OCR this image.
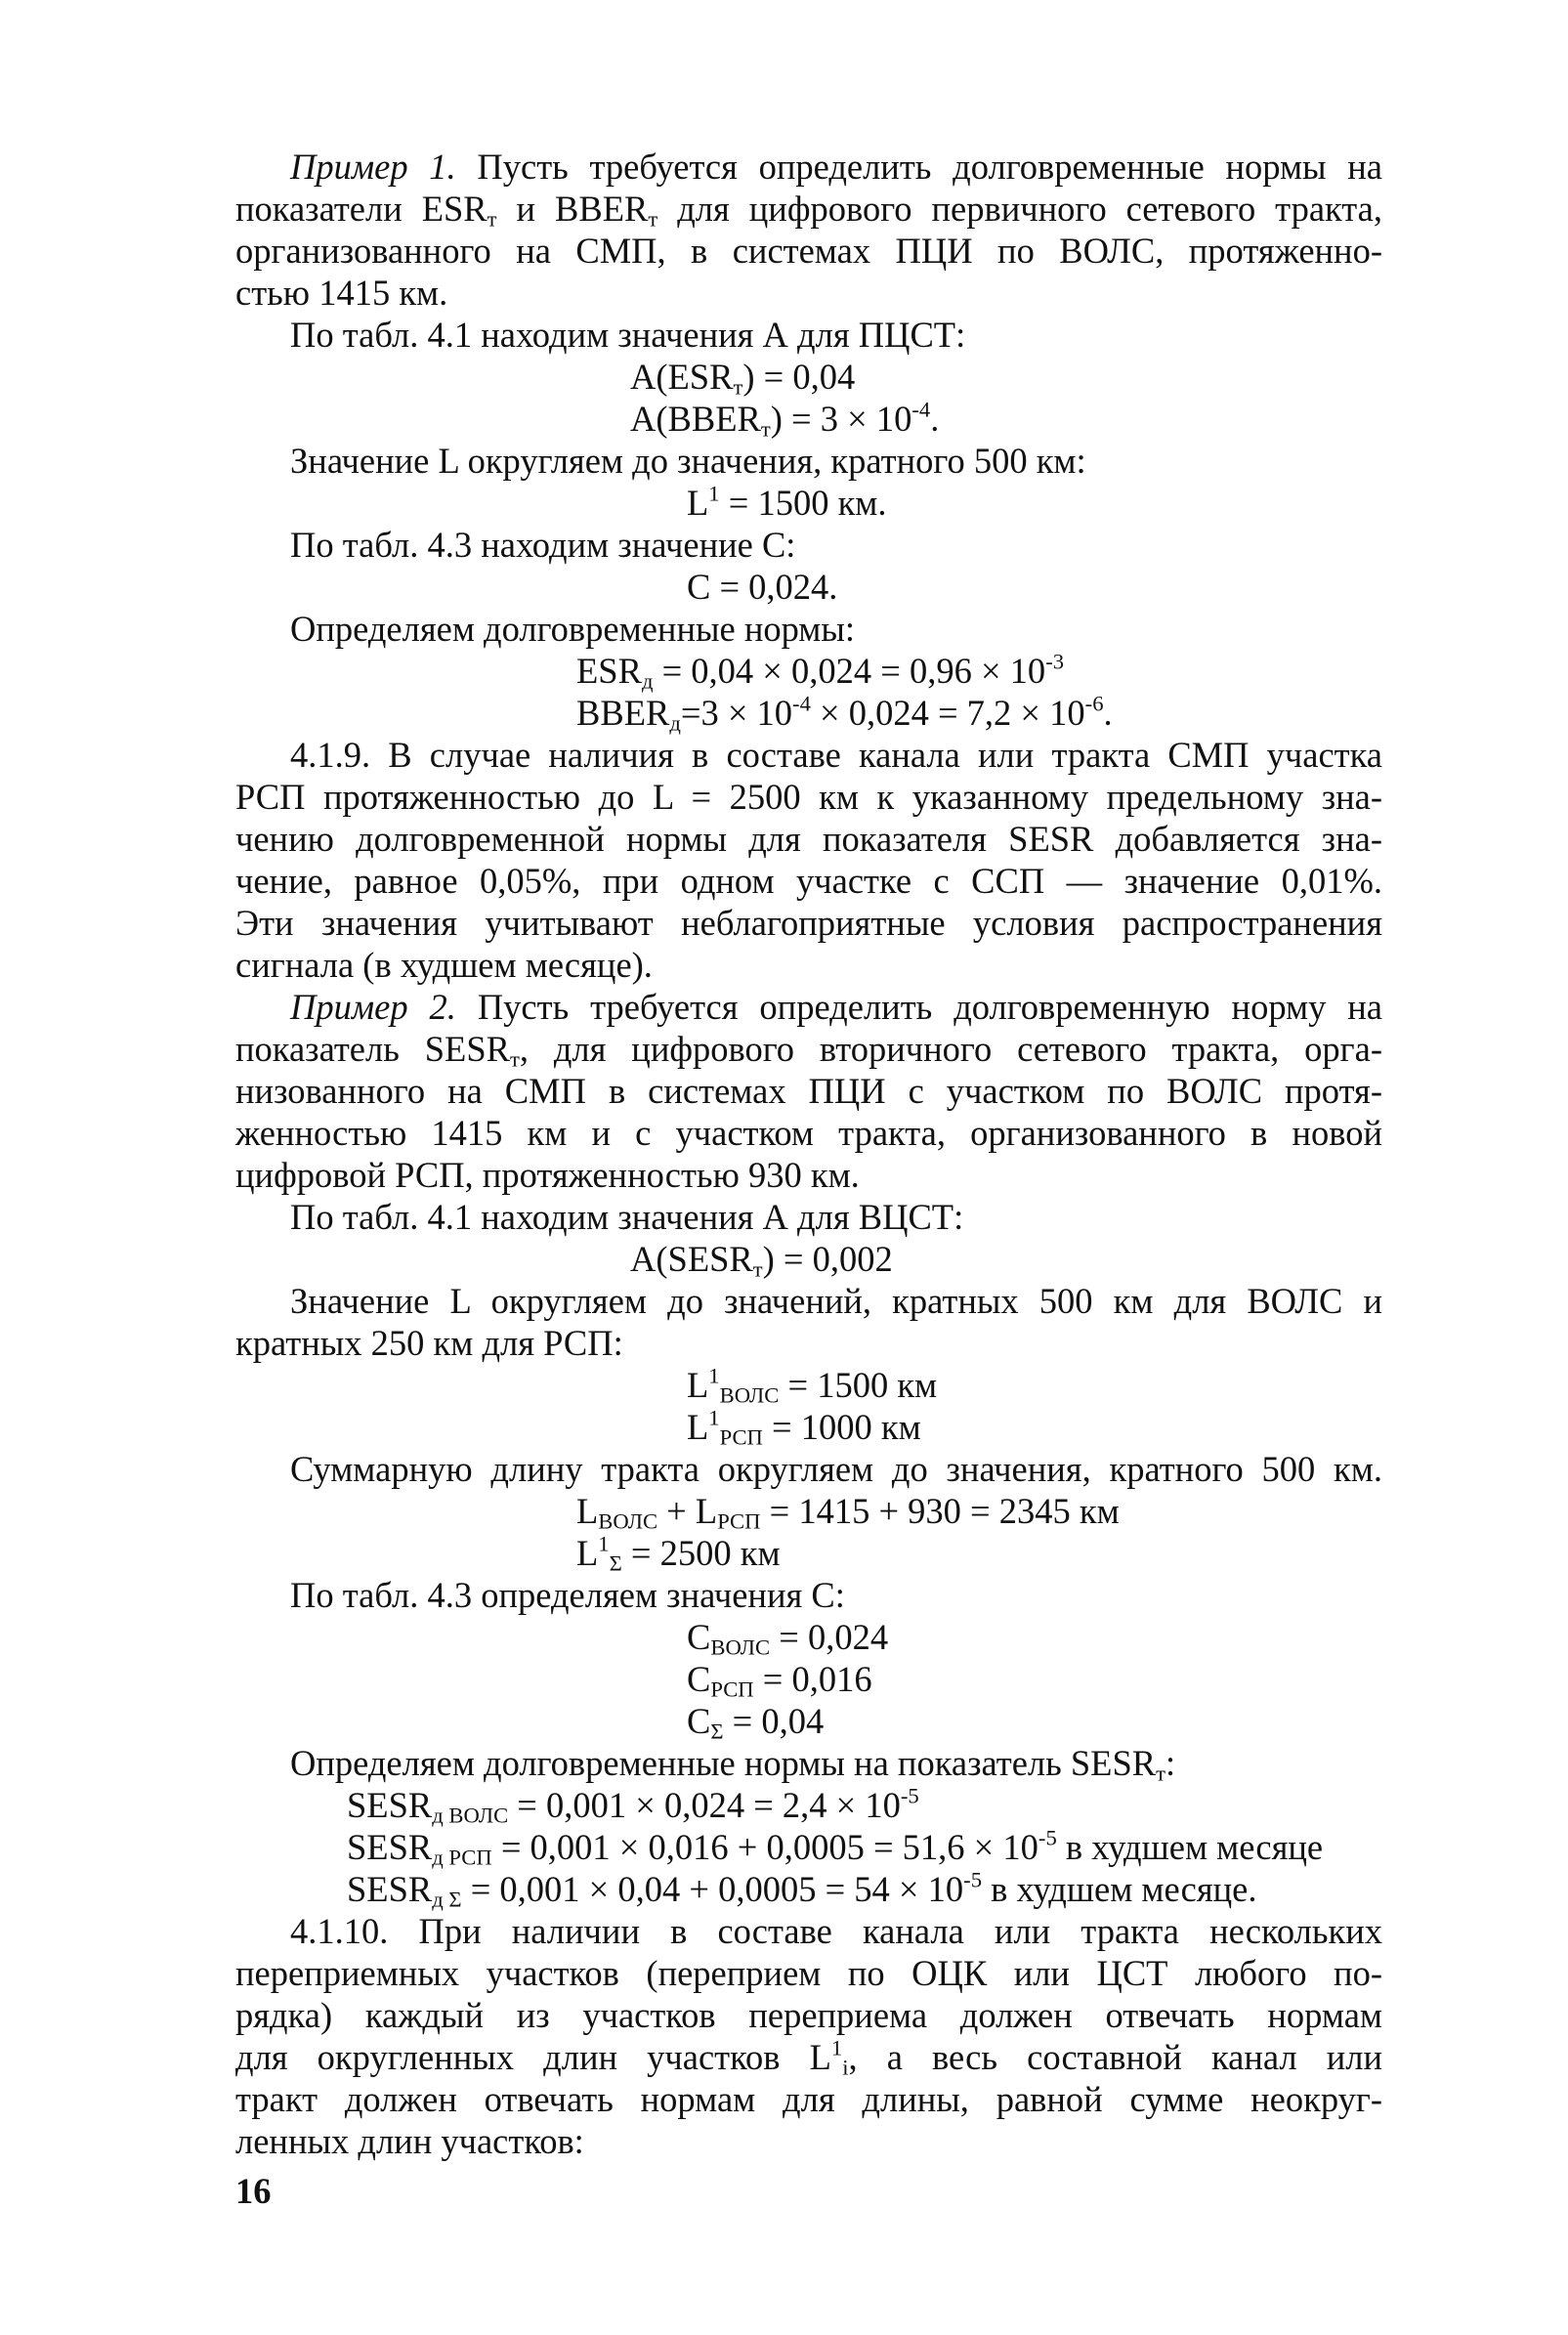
Пример 1. Пусть требуется определить долговременные нормы на
показатели $ESR_т$ и $BBER_т$ для цифрового первичного сетевого тракта,
организованного на СМП, в системах ПЦИ по ВОЛС, протяженно-
стью 1415 км.
По табл. 4.1 находим значения А для ПЦСТ:
$А(ESR_т) = 0,04$
$А(BBER_т) = 3 \times 10^{-4}$.
Значение L округляем до значения, кратного 500 км:
$L^1 = 1500$ км.
По табл. 4.3 находим значение С:
С = 0,024.
Определяем долговременные нормы:
$ESR_д = 0,04 \times 0,024 = 0,96 \times 10^{-3}$
$BBER_д=3 \times 10^{-4} \times 0,024 = 7,2 \times 10^{-6}$.
4.1.9. В случае наличия в составе канала или тракта СМП участка
РСП протяженностью до L = 2500 км к указанному предельному зна-
чению долговременной нормы для показателя SESR добавляется зна-
чение, равное 0,05%, при одном участке с ССП — значение 0,01%.
Эти значения учитывают неблагоприятные условия распространения
сигнала (в худшем месяце).
Пример 2. Пусть требуется определить долговременную норму на
показатель $SESR_т$, для цифрового вторичного сетевого тракта, орга-
низованного на СМП в системах ПЦИ с участком по ВОЛС протя-
женностью 1415 км и с участком тракта, организованного в новой
цифровой РСП, протяженностью 930 км.
По табл. 4.1 находим значения А для ВЦСТ:
$А(SESR_т) = 0,002$
Значение L округляем до значений, кратных 500 км для ВОЛС и
кратных 250 км для РСП:
$L^1_{ВОЛС} = 1500$ км
$L^1_{РСП} = 1000$ км
Суммарную длину тракта округляем до значения, кратного 500 км.
$L_{ВОЛС} + L_{РСП} = 1415 + 930 = 2345$ км
$L^1_\Sigma = 2500$ км
По табл. 4.3 определяем значения С:
$С_{ВОЛС} = 0,024$
$С_{РСП} = 0,016$
$С_\Sigma = 0,04$
Определяем долговременные нормы на показатель $SESR_т$:
$SESR_{д ВОЛС} = 0,001 \times 0,024 = 2,4 \times 10^{-5}$
$SESR_{д РСП} = 0,001 \times 0,016 + 0,0005 = 51,6 \times 10^{-5}$ в худшем месяце
$SESR_{д \Sigma} = 0,001 \times 0,04 + 0,0005 = 54 \times 10^{-5}$ в худшем месяце.
4.1.10. При наличии в составе канала или тракта нескольких
переприемных участков (переприем по ОЦК или ЦСТ любого по-
рядка) каждый из участков переприема должен отвечать нормам
для округленных длин участков $L^1_i$, а весь составной канал или
тракт должен отвечать нормам для длины, равной сумме неокруг-
ленных длин участков:
16
